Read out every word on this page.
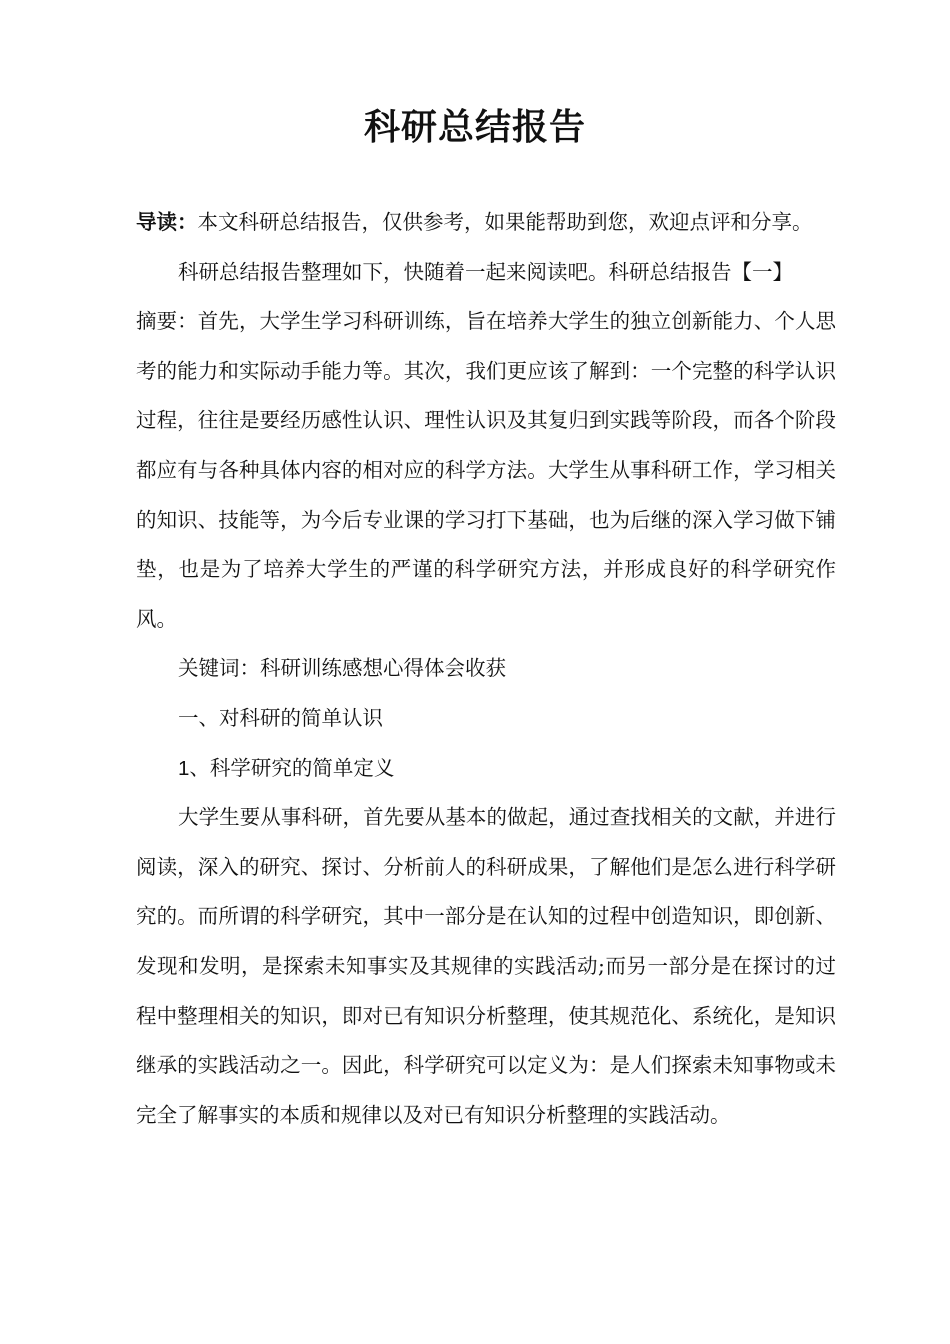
科研总结报告

导读：本文科研总结报告，仅供参考，如果能帮助到您，欢迎点评和分享。

科研总结报告整理如下，快随着一起来阅读吧。科研总结报告【一】

摘要：首先，大学生学习科研训练，旨在培养大学生的独立创新能力、个人思考的能力和实际动手能力等。其次，我们更应该了解到：一个完整的科学认识过程，往往是要经历感性认识、理性认识及其复归到实践等阶段，而各个阶段都应有与各种具体内容的相对应的科学方法。大学生从事科研工作，学习相关的知识、技能等，为今后专业课的学习打下基础，也为后继的深入学习做下铺垫，也是为了培养大学生的严谨的科学研究方法，并形成良好的科学研究作风。

关键词：科研训练感想心得体会收获

一、对科研的简单认识

1、科学研究的简单定义

大学生要从事科研，首先要从基本的做起，通过查找相关的文献，并进行阅读，深入的研究、探讨、分析前人的科研成果，了解他们是怎么进行科学研究的。而所谓的科学研究，其中一部分是在认知的过程中创造知识，即创新、发现和发明，是探索未知事实及其规律的实践活动;而另一部分是在探讨的过程中整理相关的知识，即对已有知识分析整理，使其规范化、系统化，是知识继承的实践活动之一。因此，科学研究可以定义为：是人们探索未知事物或未完全了解事实的本质和规律以及对已有知识分析整理的实践活动。
